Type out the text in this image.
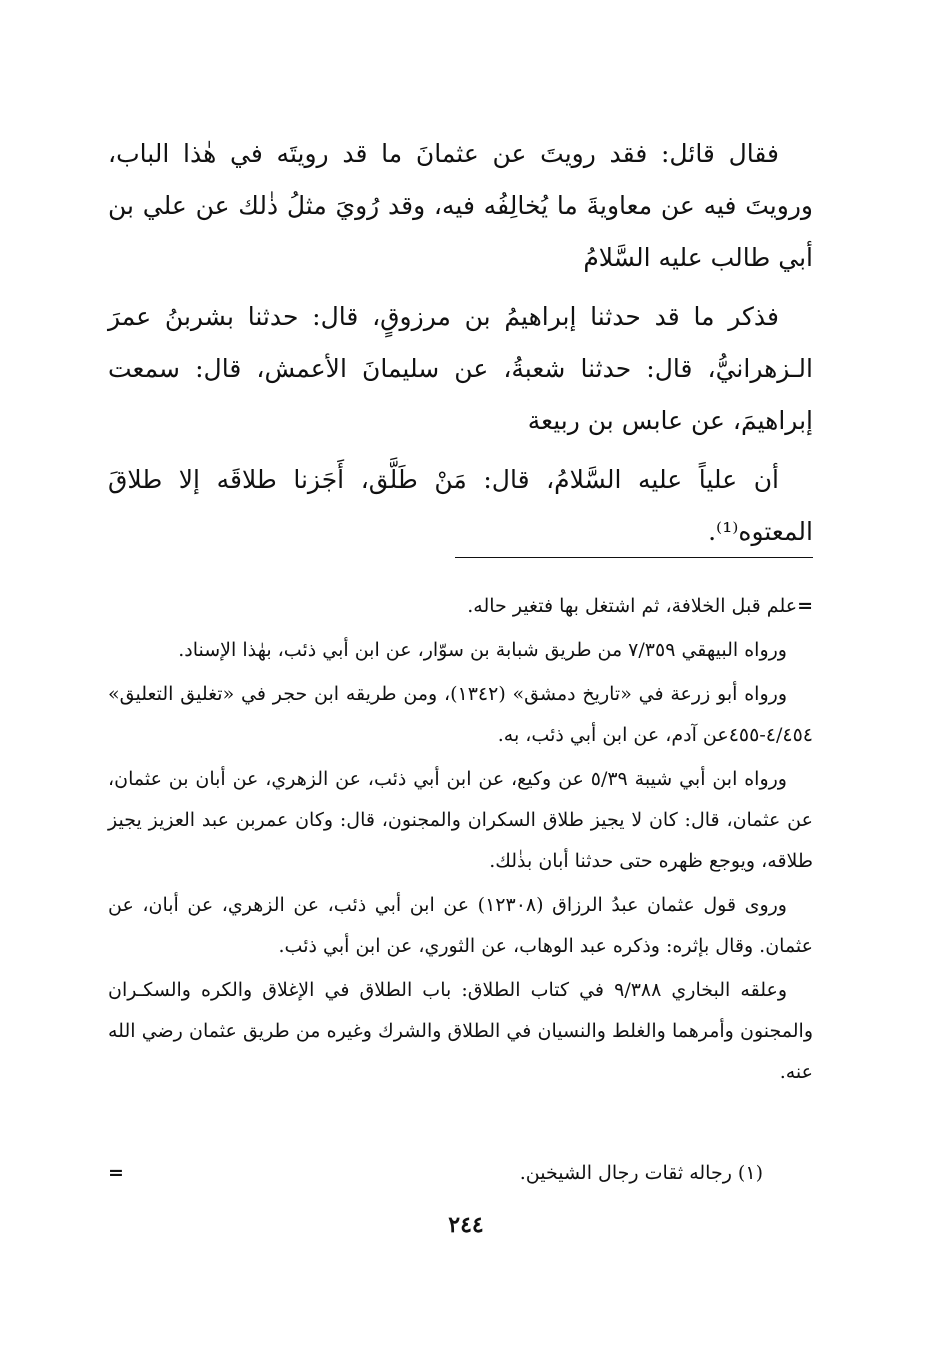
فقال قائل: فقد رويتَ عن عثمانَ ما قد رويتَه في هٰذا الباب، ورويتَ فيه عن معاويةَ ما يُخالِفُه فيه، وقد رُويَ مثلُ ذٰلك عن علي بن أبي طالب عليه السَّلامُ

فذكر ما قد حدثنا إبراهيمُ بن مرزوقٍ، قال: حدثنا بشربنُ عمرَ الـزهرانيُّ، قال: حدثنا شعبةُ، عن سليمانَ الأعمش، قال: سمعت إبراهيمَ، عن عابس بن ربيعة

أن علياً عليه السَّلامُ، قال: مَنْ طَلَّق، أَجَزنا طلاقَه إلا طلاقَ المعتوه⁽¹⁾.

=علم قبل الخلافة، ثم اشتغل بها فتغير حاله.

ورواه البيهقي ٧/٣٥٩ من طريق شبابة بن سوّار، عن ابن أبي ذئب، بهٰذا الإسناد.

ورواه أبو زرعة في «تاريخ دمشق» (١٣٤٢)، ومن طريقه ابن حجر في «تغليق التعليق» ٤/٤٥٤-٤٥٥عن آدم، عن ابن أبي ذئب، به.

ورواه ابن أبي شيبة ٥/٣٩ عن وكيع، عن ابن أبي ذئب، عن الزهري، عن أبان بن عثمان، عن عثمان، قال: كان لا يجيز طلاق السكران والمجنون، قال: وكان عمربن عبد العزيز يجيز طلاقه، ويوجع ظهره حتى حدثنا أبان بذٰلك.

وروى قول عثمان عبدُ الرزاق (١٢٣٠٨) عن ابن أبي ذئب، عن الزهري، عن أبان، عن عثمان. وقال بإثره: وذكره عبد الوهاب، عن الثوري، عن ابن أبي ذئب.

وعلقه البخاري ٩/٣٨٨ في كتاب الطلاق: باب الطلاق في الإغلاق والكره والسكـران والمجنون وأمرهما والغلط والنسيان في الطلاق والشرك وغيره من طريق عثمان رضي الله عنه.

(١) رجاله ثقات رجال الشيخين.
=
٢٤٤
